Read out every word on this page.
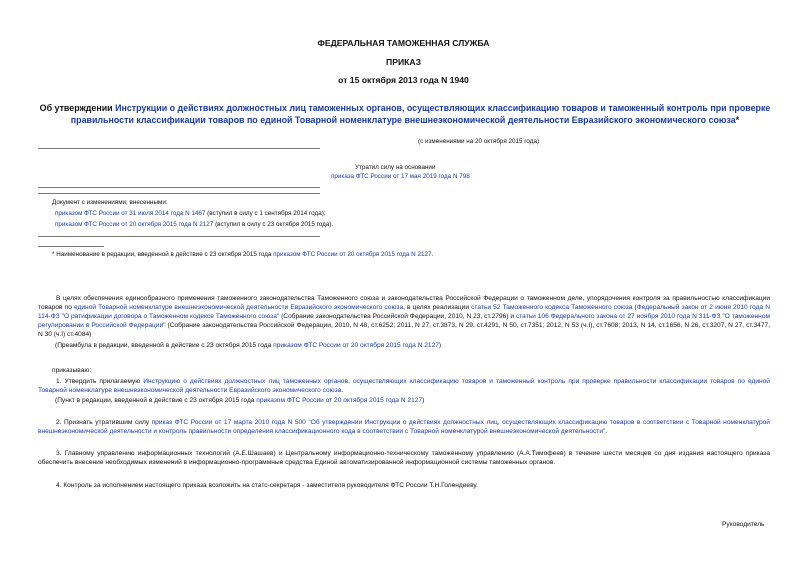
ФЕДЕРАЛЬНАЯ ТАМОЖЕННАЯ СЛУЖБА
ПРИКАЗ
от 15 октября 2013 года N 1940
Об утверждении Инструкции о действиях должностных лиц таможенных органов, осуществляющих классификацию товаров и таможенный контроль при проверке правильности классификации товаров по единой Товарной номенклатуре внешнеэкономической деятельности Евразийского экономического союза*
(с изменениями на 20 октября 2015 года)
Утратил силу на основании
приказа ФТС России от 17 мая 2019 года N 798
Документ с изменениями, внесенными:
приказом ФТС России от 31 июля 2014 года N 1467 (вступил в силу с 1 сентября 2014 года);
приказом ФТС России от 20 октября 2015 года N 2127 (вступил в силу с 23 октября 2015 года).
* Наименование в редакции, введенной в действие с 23 октября 2015 года приказом ФТС России от 20 октября 2015 года N 2127.
В целях обеспечения единообразного применения таможенного законодательства Таможенного союза и законодательства Российской Федерации о таможенном деле, упорядочения контроля за правильностью классификации товаров по единой Товарной номенклатуре внешнеэкономической деятельности Евразийского экономического союза, в целях реализации статьи 52 Таможенного кодекса Таможенного союза (Федеральный закон от 2 июня 2010 года N 114-ФЗ "О ратификации договора о Таможенном кодексе Таможенного союза" (Собрание законодательства Российской Федерации, 2010, N 23, ст.2796) и статьи 106 Федерального закона от 27 ноября 2010 года N 311-ФЗ "О таможенном регулировании в Российской Федерации" (Собрание законодательства Российской Федерации, 2010, N 48, ст.6252; 2011, N 27, ст.3873, N 29, ст.4291, N 50, ст.7351; 2012, N 53 (ч.I), ст.7608; 2013, N 14, ст.1656, N 26, ст.3207, N 27, ст.3477, N 30 (ч.I) ст.4084)
(Преамбула в редакции, введенной в действие с 23 октября 2015 года приказом ФТС России от 20 октября 2015 года N 2127)
приказываю:
1. Утвердить прилагаемую Инструкцию о действиях должностных лиц таможенных органов, осуществляющих классификацию товаров и таможенный контроль при проверке правильности классификации товаров по единой Товарной номенклатуре внешнеэкономической деятельности Евразийского экономического союза.
(Пункт в редакции, введенной в действие с 23 октября 2015 года приказом ФТС России от 20 октября 2015 года N 2127)
2. Признать утратившим силу приказ ФТС России от 17 марта 2010 года N 500 "Об утверждении Инструкции о действиях должностных лиц, осуществляющих классификацию товаров в соответствии с Товарной номенклатурой внешнеэкономической деятельности и контроль правильности определения классификационного кода в соответствии с Товарной номенклатурой внешнеэкономической деятельности".
3. Главному управлению информационных технологий (А.Е.Шашаев) и Центральному информационно-техническому таможенному управлению (А.А.Тимофеев) в течение шести месяцев со дня издания настоящего приказа обеспечить внесение необходимых изменений в информационно-программные средства Единой автоматизированной информационной системы таможенных органов.
4. Контроль за исполнением настоящего приказа возложить на статс-секретаря - заместителя руководителя ФТС России Т.Н.Голендееву.
Руководитель
